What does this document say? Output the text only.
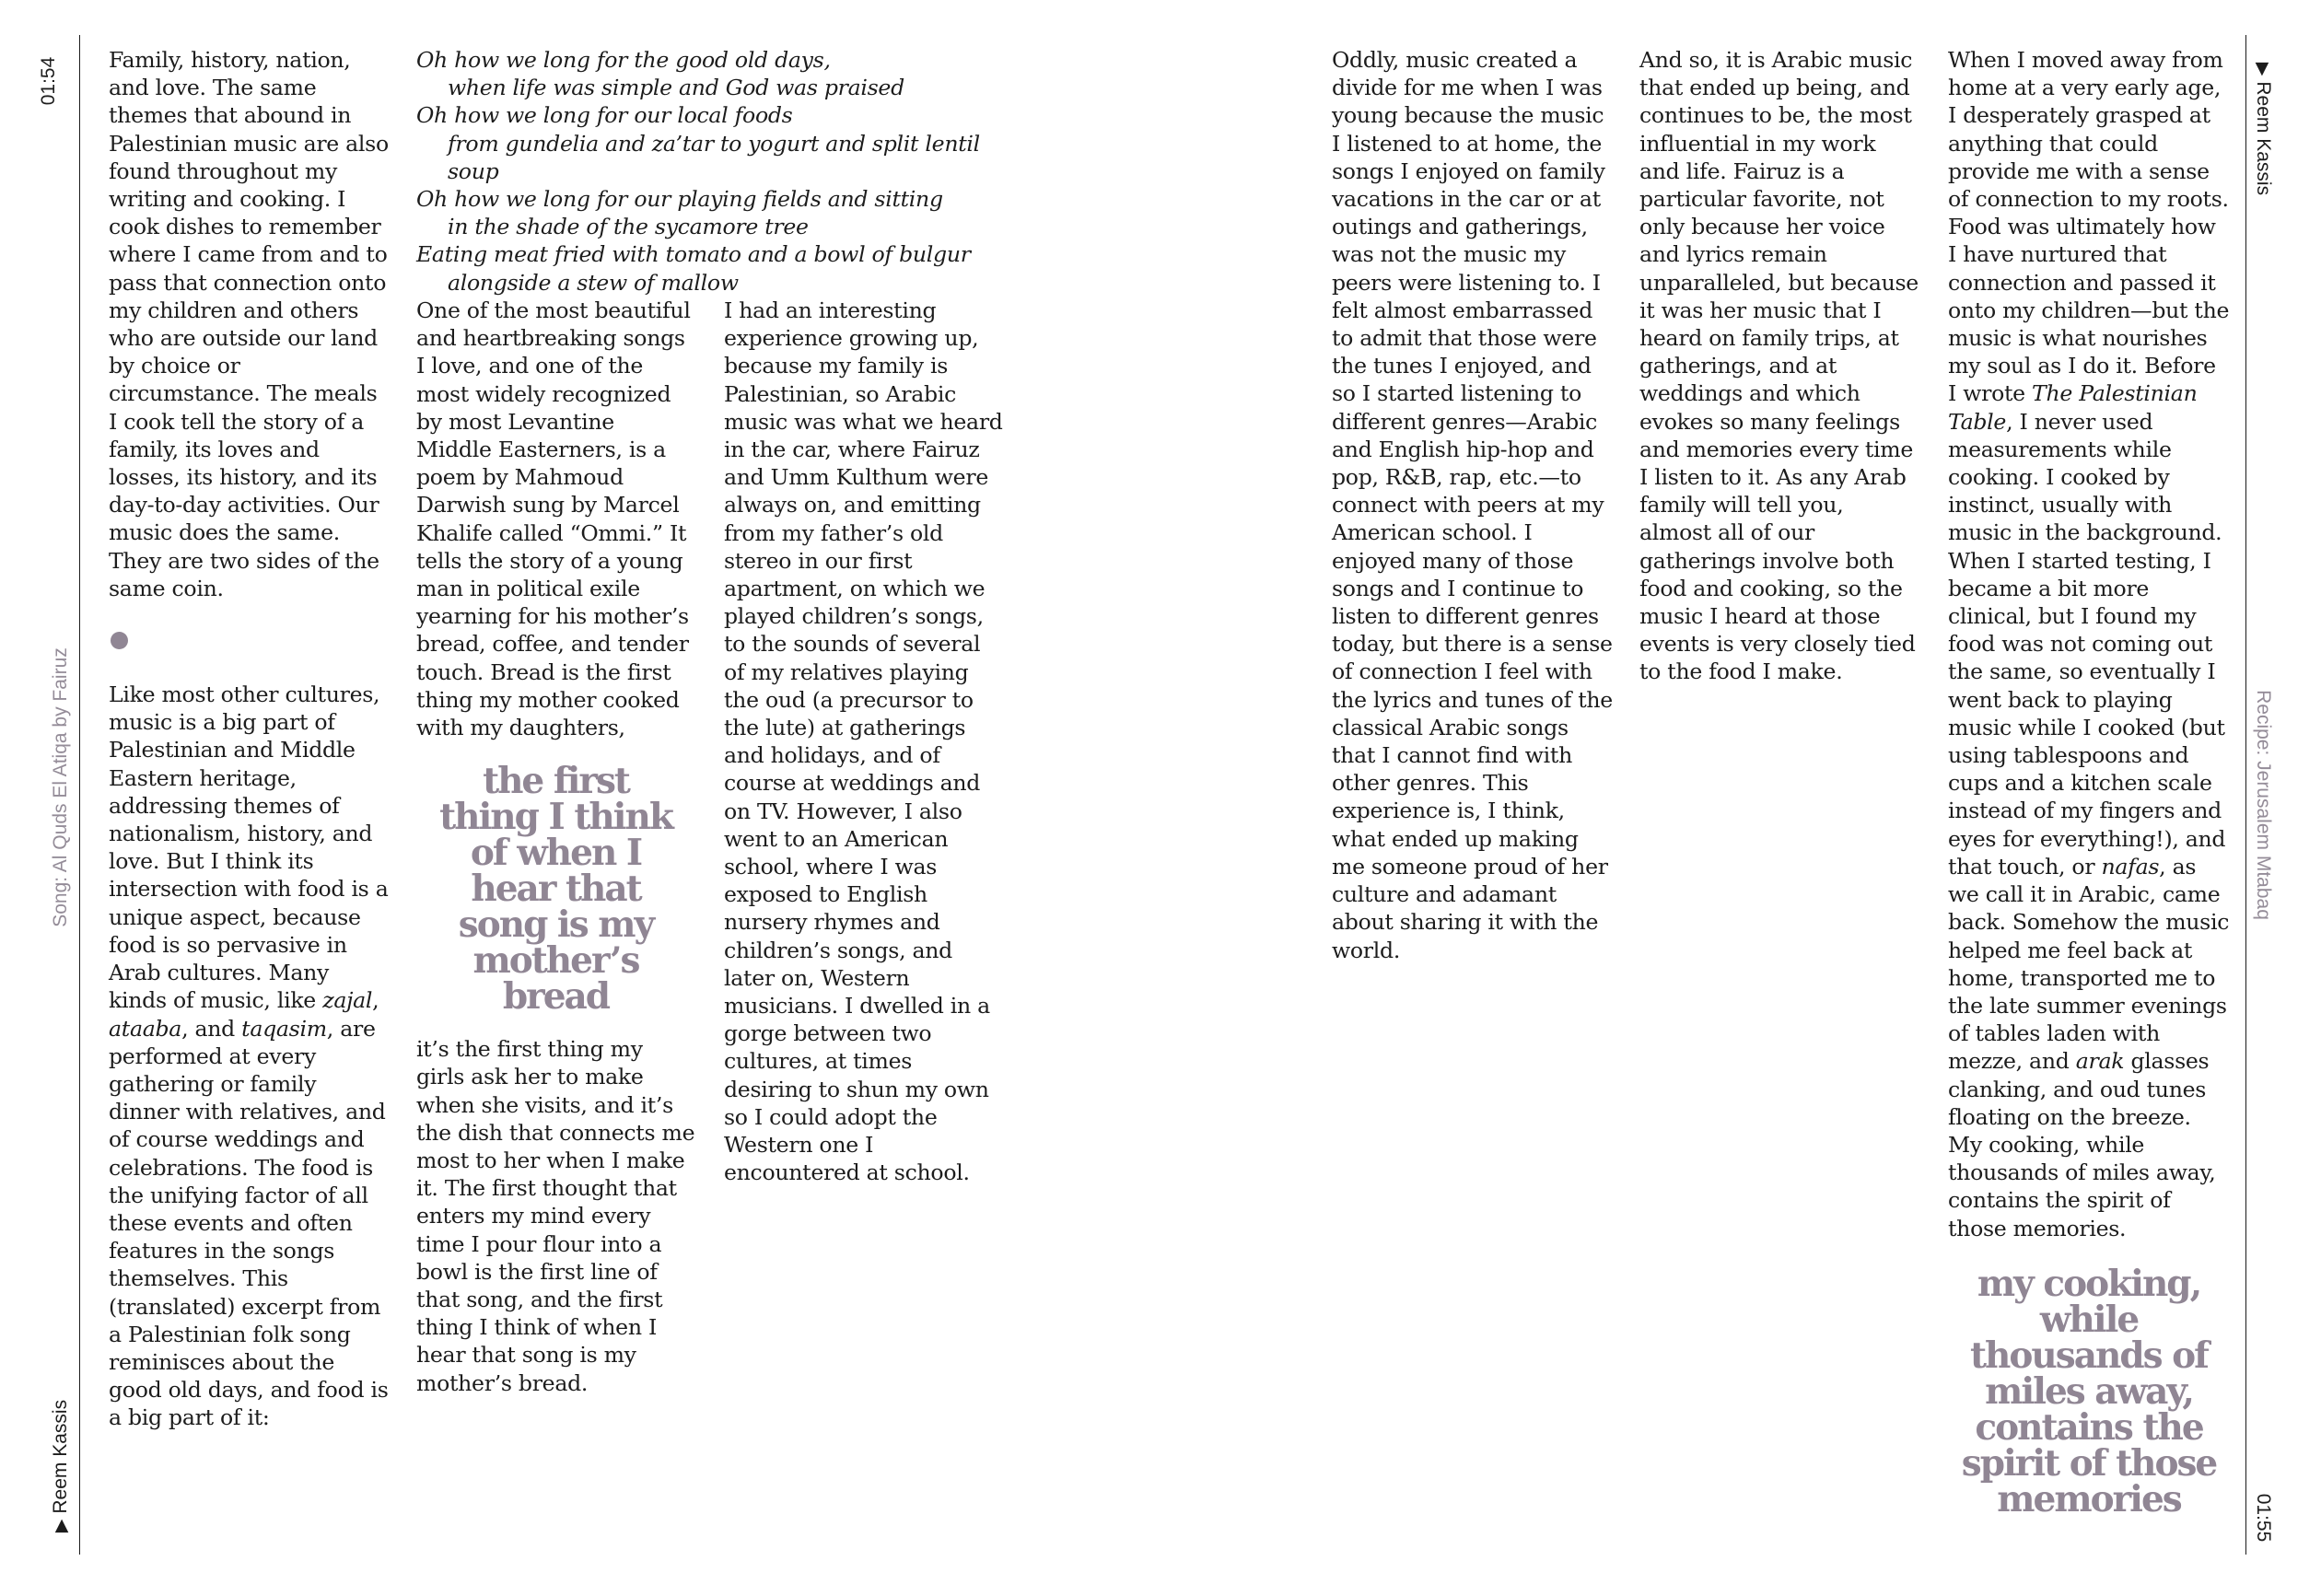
01:54
Song: Al Quds El Atiqa by Fairuz
▶ Reem Kassis
▶ Reem Kassis
Recipe: Jerusalem Mtabaq
01:55

Family, history, nation, and love. The same themes that abound in Palestinian music are also found throughout my writing and cooking. I cook dishes to remember where I came from and to pass that connection onto my children and others who are outside our land by choice or circumstance. The meals I cook tell the story of a family, its loves and losses, its history, and its day-to-day activities. Our music does the same. They are two sides of the same coin.

Like most other cultures, music is a big part of Palestinian and Middle Eastern heritage, addressing themes of nationalism, history, and love. But I think its intersection with food is a unique aspect, because food is so pervasive in Arab cultures. Many kinds of music, like zajal, ataaba, and taqasim, are performed at every gathering or family dinner with relatives, and of course weddings and celebrations. The food is the unifying factor of all these events and often features in the songs themselves. This (translated) excerpt from a Palestinian folk song reminisces about the good old days, and food is a big part of it:

Oh how we long for the good old days,
when life was simple and God was praised
Oh how we long for our local foods
from gundelia and za’tar to yogurt and split lentil soup
Oh how we long for our playing fields and sitting
in the shade of the sycamore tree
Eating meat fried with tomato and a bowl of bulgur
alongside a stew of mallow

One of the most beautiful and heartbreaking songs I love, and one of the most widely recognized by most Levantine Middle Easterners, is a poem by Mahmoud Darwish sung by Marcel Khalife called “Ommi.” It tells the story of a young man in political exile yearning for his mother’s bread, coffee, and tender touch. Bread is the first thing my mother cooked with my daughters,

the first thing I think of when I hear that song is my mother’s bread

it’s the first thing my girls ask her to make when she visits, and it’s the dish that connects me most to her when I make it. The first thought that enters my mind every time I pour flour into a bowl is the first line of that song, and the first thing I think of when I hear that song is my mother’s bread.

I had an interesting experience growing up, because my family is Palestinian, so Arabic music was what we heard in the car, where Fairuz and Umm Kulthum were always on, and emitting from my father’s old stereo in our first apartment, on which we played children’s songs, to the sounds of several of my relatives playing the oud (a precursor to the lute) at gatherings and holidays, and of course at weddings and on TV. However, I also went to an American school, where I was exposed to English nursery rhymes and children’s songs, and later on, Western musicians. I dwelled in a gorge between two cultures, at times desiring to shun my own so I could adopt the Western one I encountered at school.

Oddly, music created a divide for me when I was young because the music I listened to at home, the songs I enjoyed on family vacations in the car or at outings and gatherings, was not the music my peers were listening to. I felt almost embarrassed to admit that those were the tunes I enjoyed, and so I started listening to different genres—Arabic and English hip-hop and pop, R&B, rap, etc.—to connect with peers at my American school. I enjoyed many of those songs and I continue to listen to different genres today, but there is a sense of connection I feel with the lyrics and tunes of the classical Arabic songs that I cannot find with other genres. This experience is, I think, what ended up making me someone proud of her culture and adamant about sharing it with the world.

And so, it is Arabic music that ended up being, and continues to be, the most influential in my work and life. Fairuz is a particular favorite, not only because her voice and lyrics remain unparalleled, but because it was her music that I heard on family trips, at gatherings, and at weddings and which evokes so many feelings and memories every time I listen to it. As any Arab family will tell you, almost all of our gatherings involve both food and cooking, so the music I heard at those events is very closely tied to the food I make.

When I moved away from home at a very early age, I desperately grasped at anything that could provide me with a sense of connection to my roots. Food was ultimately how I have nurtured that connection and passed it onto my children—but the music is what nourishes my soul as I do it. Before I wrote The Palestinian Table, I never used measurements while cooking. I cooked by instinct, usually with music in the background. When I started testing, I became a bit more clinical, but I found my food was not coming out the same, so eventually I went back to playing music while I cooked (but using tablespoons and cups and a kitchen scale instead of my fingers and eyes for everything!), and that touch, or nafas, as we call it in Arabic, came back. Somehow the music helped me feel back at home, transported me to the late summer evenings of tables laden with mezze, and arak glasses clanking, and oud tunes floating on the breeze. My cooking, while thousands of miles away, contains the spirit of those memories.

my cooking, while thousands of miles away, contains the spirit of those memories
